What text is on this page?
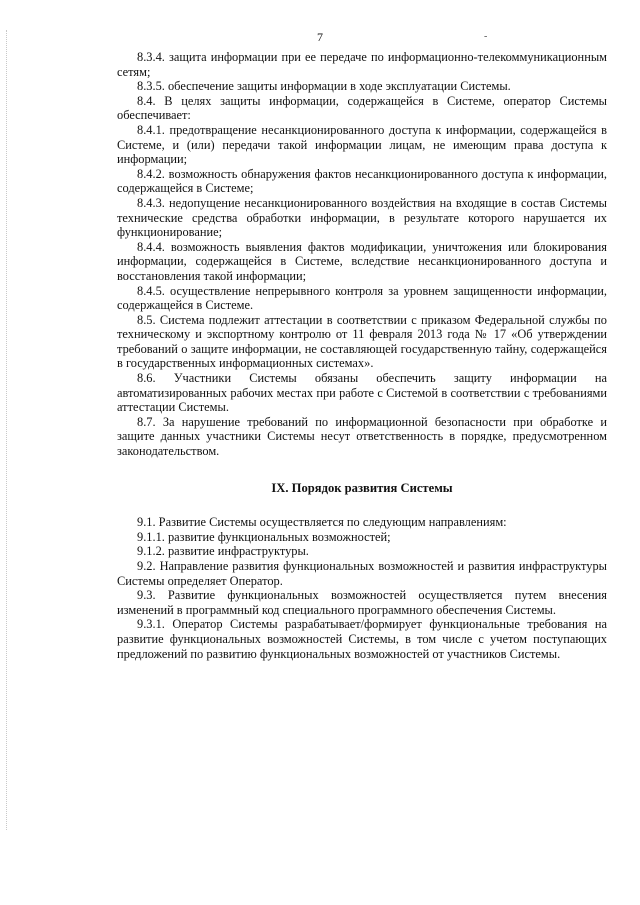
7	-

8.3.4. защита информации при ее передаче по информационно-телекоммуникационным сетям;

8.3.5. обеспечение защиты информации в ходе эксплуатации Системы.

8.4. В целях защиты информации, содержащейся в Системе, оператор Системы обеспечивает:

8.4.1. предотвращение несанкционированного доступа к информации, содержащейся в Системе, и (или) передачи такой информации лицам, не имеющим права доступа к информации;

8.4.2. возможность обнаружения фактов несанкционированного доступа к информации, содержащейся в Системе;

8.4.3. недопущение несанкционированного воздействия на входящие в состав Системы технические средства обработки информации, в результате которого нарушается их функционирование;

8.4.4. возможность выявления фактов модификации, уничтожения или блокирования информации, содержащейся в Системе, вследствие несанкционированного доступа и восстановления такой информации;

8.4.5. осуществление непрерывного контроля за уровнем защищенности информации, содержащейся в Системе.

8.5. Система подлежит аттестации в соответствии с приказом Федеральной службы по техническому и экспортному контролю от 11 февраля 2013 года № 17 «Об утверждении требований о защите информации, не составляющей государственную тайну, содержащейся в государственных информационных системах».

8.6. Участники Системы обязаны обеспечить защиту информации на автоматизированных рабочих местах при работе с Системой в соответствии с требованиями аттестации Системы.

8.7. За нарушение требований по информационной безопасности при обработке и защите данных участники Системы несут ответственность в порядке, предусмотренном законодательством.

IX. Порядок развития Системы

9.1. Развитие Системы осуществляется по следующим направлениям:

9.1.1. развитие функциональных возможностей;

9.1.2. развитие инфраструктуры.

9.2. Направление развития функциональных возможностей и развития инфраструктуры Системы определяет Оператор.

9.3. Развитие функциональных возможностей осуществляется путем внесения изменений в программный код специального программного обеспечения Системы.

9.3.1. Оператор Системы разрабатывает/формирует функциональные требования на развитие функциональных возможностей Системы, в том числе с учетом поступающих предложений по развитию функциональных возможностей от участников Системы.
